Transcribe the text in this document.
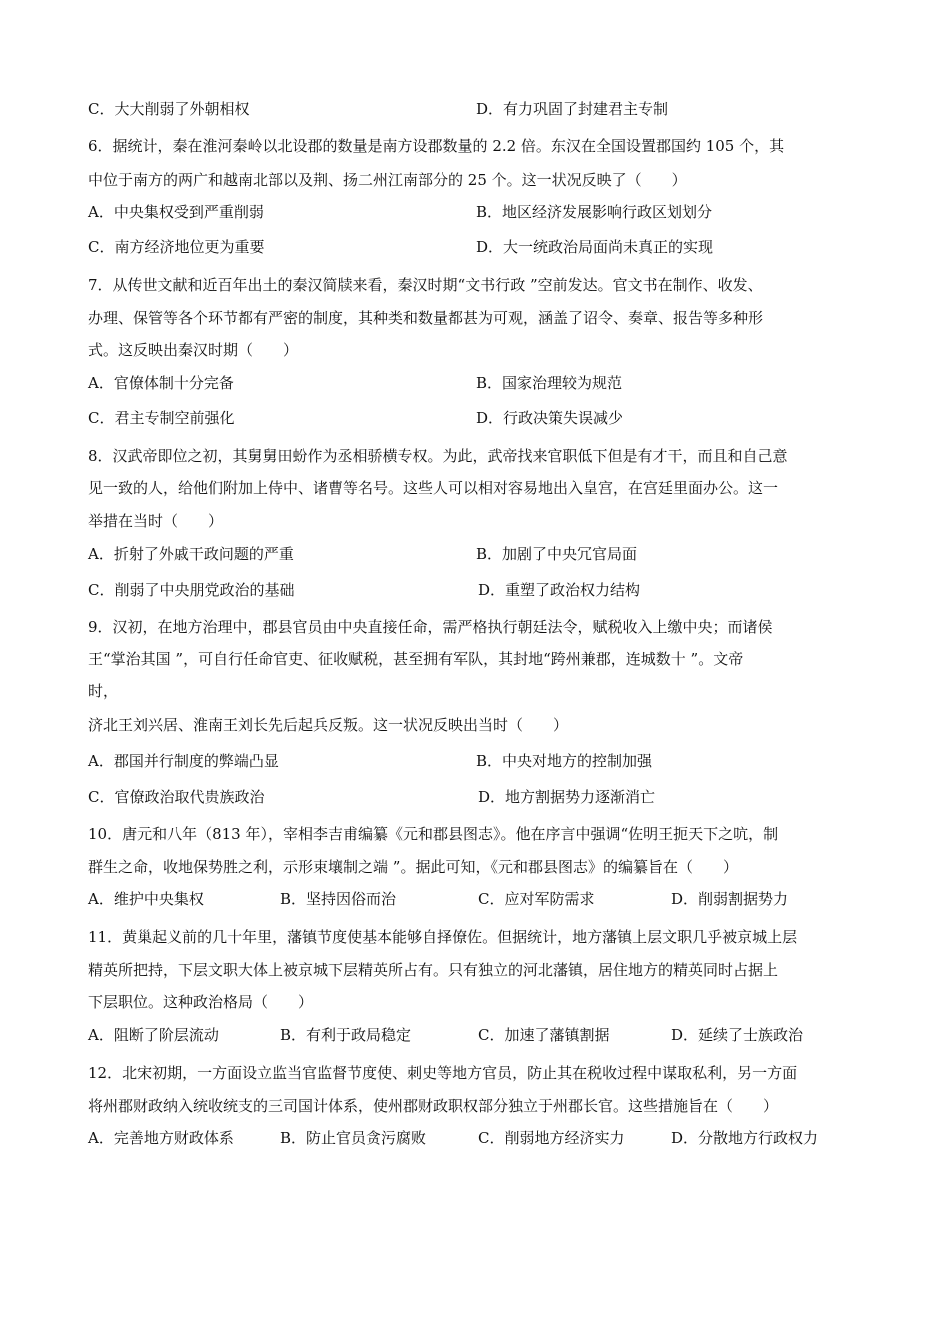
C．大大削弱了外朝相权	D．有力巩固了封建君主专制
6．据统计，秦在淮河秦岭以北设郡的数量是南方设郡数量的 2.2 倍。东汉在全国设置郡国约 105 个，其
中位于南方的两广和越南北部以及荆、扬二州江南部分的 25 个。这一状况反映了（　　）
A．中央集权受到严重削弱	B．地区经济发展影响行政区划划分
C．南方经济地位更为重要	D．大一统政治局面尚未真正的实现
7．从传世文献和近百年出土的秦汉简牍来看，秦汉时期“文书行政 ”空前发达。官文书在制作、收发、
办理、保管等各个环节都有严密的制度，其种类和数量都甚为可观，涵盖了诏令、奏章、报告等多种形
式。这反映出秦汉时期（　　）
A．官僚体制十分完备	B．国家治理较为规范
C．君主专制空前强化	D．行政决策失误减少
8．汉武帝即位之初，其舅舅田蚡作为丞相骄横专权。为此，武帝找来官职低下但是有才干，而且和自己意
见一致的人，给他们附加上侍中、诸曹等名号。这些人可以相对容易地出入皇宫，在宫廷里面办公。这一
举措在当时（　　）
A．折射了外戚干政问题的严重	B．加剧了中央冗官局面
C．削弱了中央朋党政治的基础	D．重塑了政治权力结构
9．汉初，在地方治理中，郡县官员由中央直接任命，需严格执行朝廷法令，赋税收入上缴中央；而诸侯
王“掌治其国 ”，可自行任命官吏、征收赋税，甚至拥有军队，其封地“跨州兼郡，连城数十 ”。文帝
时，
济北王刘兴居、淮南王刘长先后起兵反叛。这一状况反映出当时（　　）
A．郡国并行制度的弊端凸显	B．中央对地方的控制加强
C．官僚政治取代贵族政治	D．地方割据势力逐渐消亡
10．唐元和八年（813 年），宰相李吉甫编纂《元和郡县图志》。他在序言中强调“佐明王扼天下之吭，制
群生之命，收地保势胜之利，示形束壤制之端 ”。据此可知，《元和郡县图志》的编纂旨在（　　）
A．维护中央集权	B．坚持因俗而治	C．应对军防需求	D．削弱割据势力
11．黄巢起义前的几十年里，藩镇节度使基本能够自择僚佐。但据统计，地方藩镇上层文职几乎被京城上层
精英所把持，下层文职大体上被京城下层精英所占有。只有独立的河北藩镇，居住地方的精英同时占据上
下层职位。这种政治格局（　　）
A．阻断了阶层流动	B．有利于政局稳定	C．加速了藩镇割据	D．延续了士族政治
12．北宋初期，一方面设立监当官监督节度使、刺史等地方官员，防止其在税收过程中谋取私利，另一方面
将州郡财政纳入统收统支的三司国计体系，使州郡财政职权部分独立于州郡长官。这些措施旨在（　　）
A．完善地方财政体系	B．防止官员贪污腐败	C．削弱地方经济实力	D．分散地方行政权力
